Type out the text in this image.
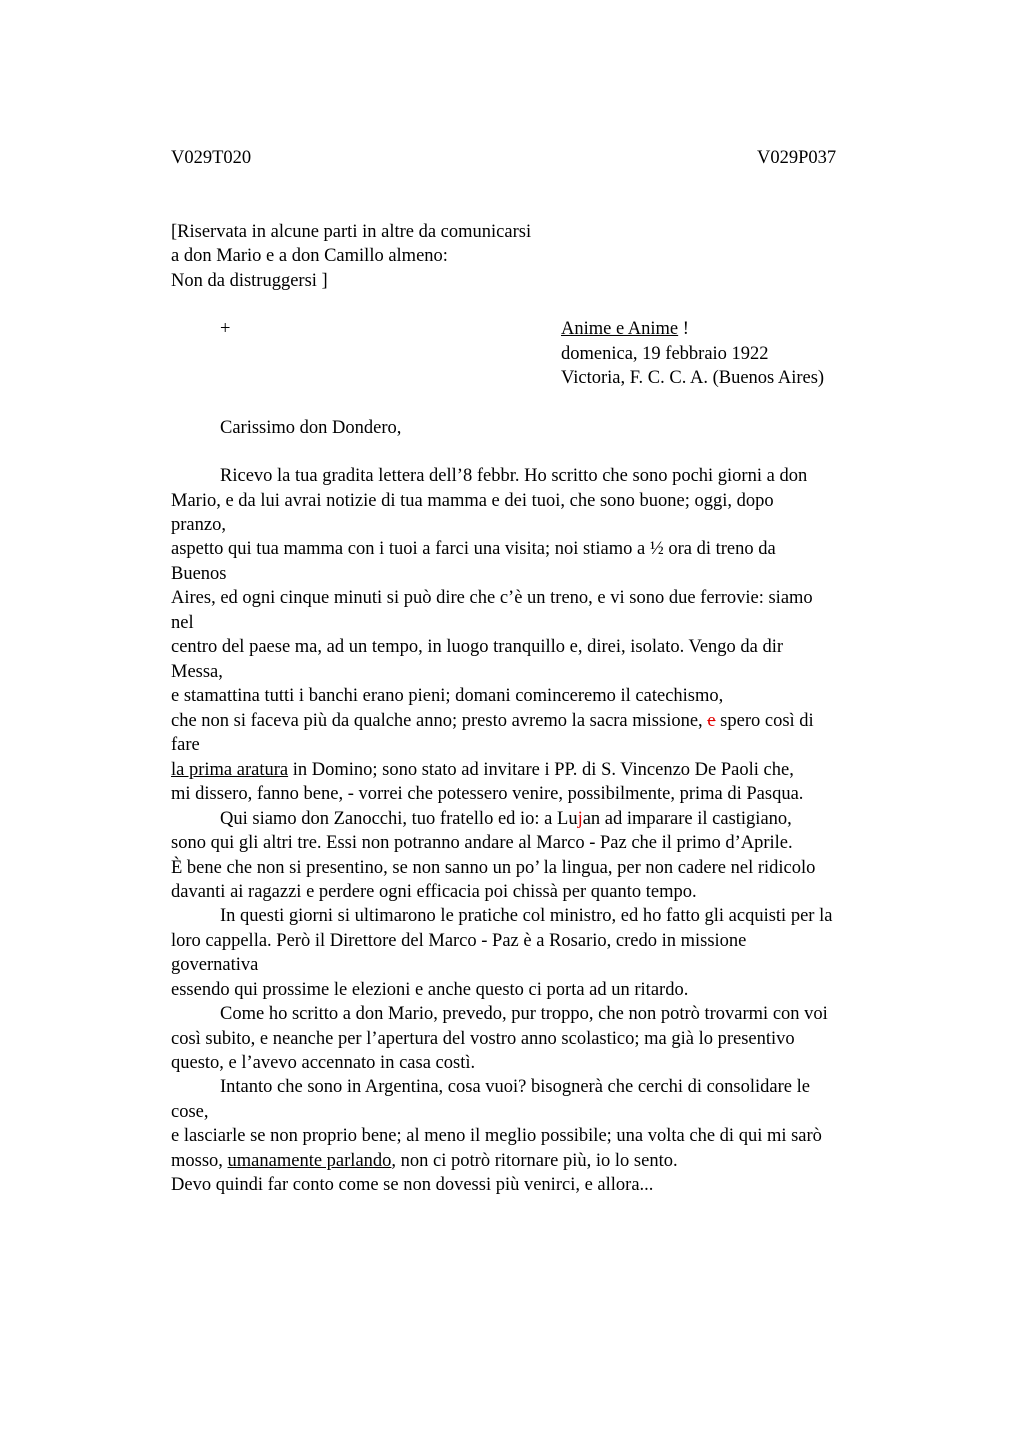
V029T020	V029P037
[Riservata in alcune parti in altre da comunicarsi
a don Mario e a don Camillo almeno:
Non da distruggersi ]
+	Anime e Anime !
domenica, 19 febbraio 1922
Victoria, F. C. C. A. (Buenos Aires)
Carissimo don Dondero,
Ricevo la tua gradita lettera dell’8 febbr. Ho scritto che sono pochi giorni a don
Mario, e da lui avrai notizie di tua mamma e dei tuoi, che sono buone; oggi, dopo
pranzo,
aspetto qui tua mamma con i tuoi a farci una visita; noi stiamo a ½ ora di treno da
Buenos
Aires, ed ogni cinque minuti si può dire che c’è un treno, e vi sono due ferrovie: siamo
nel
centro del paese ma, ad un tempo, in luogo tranquillo e, direi, isolato. Vengo da dir
Messa,
e stamattina tutti i banchi erano pieni; domani cominceremo il catechismo,
che non si faceva più da qualche anno; presto avremo la sacra missione, e spero così di
fare
la prima aratura in Domino; sono stato ad invitare i PP. di S. Vincenzo De Paoli che,
mi dissero, fanno bene, - vorrei che potessero venire, possibilmente, prima di Pasqua.
Qui siamo don Zanocchi, tuo fratello ed io: a Lujan ad imparare il castigiano,
sono qui gli altri tre. Essi non potranno andare al Marco - Paz che il primo d’Aprile.
È bene che non si presentino, se non sanno un po’ la lingua, per non cadere nel ridicolo
davanti ai ragazzi e perdere ogni efficacia poi chissà per quanto tempo.
In questi giorni si ultimarono le pratiche col ministro, ed ho fatto gli acquisti per la
loro cappella. Però il Direttore del Marco - Paz è a Rosario, credo in missione
governativa
essendo qui prossime le elezioni e anche questo ci porta ad un ritardo.
Come ho scritto a don Mario, prevedo, pur troppo, che non potrò trovarmi con voi
così subito, e neanche per l’apertura del vostro anno scolastico; ma già lo presentivo
questo, e l’avevo accennato in casa costì.
Intanto che sono in Argentina, cosa vuoi? bisognerà che cerchi di consolidare le
cose,
e lasciarle se non proprio bene; al meno il meglio possibile; una volta che di qui mi sarò
mosso, umanamente parlando, non ci potrò ritornare più, io lo sento.
Devo quindi far conto come se non dovessi più venirci, e allora...
